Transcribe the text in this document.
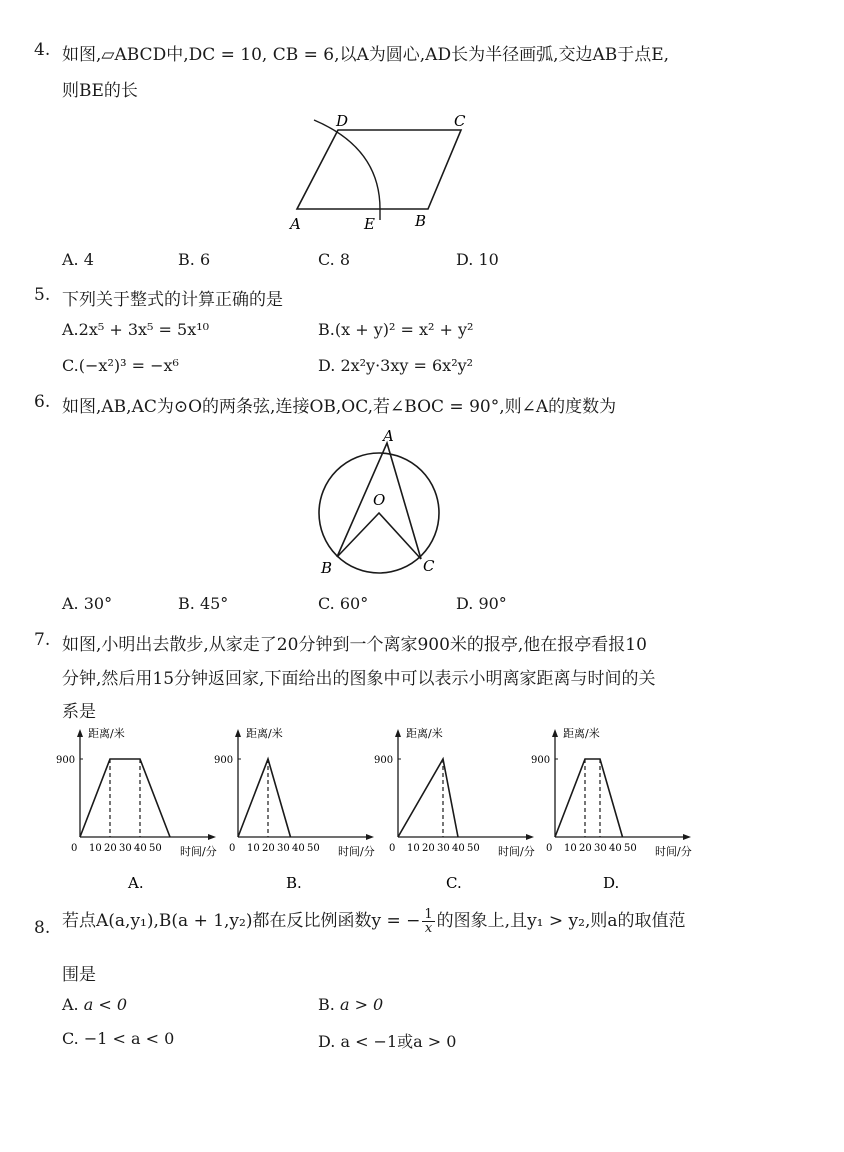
4. 如图,▱ABCD中,DC = 10, CB = 6,以A为圆心,AD长为半径画弧,交边AB于点E,
则BE的长
D	C
A	E	B
A. 4	B. 6	C. 8	D. 10
5. 下列关于整式的计算正确的是
A.2x⁵ + 3x⁵ = 5x¹⁰	B.(x + y)² = x² + y²
C.(−x²)³ = −x⁶	D. 2x²y·3xy = 6x²y²
6. 如图,AB,AC为⊙O的两条弦,连接OB,OC,若∠BOC = 90°,则∠A的度数为
A
O
B	C
A. 30°	B. 45°	C. 60°	D. 90°
7. 如图,小明出去散步,从家走了20分钟到一个离家900米的报亭,他在报亭看报10
分钟,然后用15分钟返回家,下面给出的图象中可以表示小明离家距离与时间的关
系是
距离/米
900
0 10 20 30 40 50 时间/分
A.
距离/米
900
0 10 20 30 40 50 时间/分
B.
距离/米
900
0 10 20 30 40 50 时间/分
C.
距离/米
900
0 10 20 30 40 50 时间/分
D.
8. 若点A(a,y₁),B(a + 1,y₂)都在反比例函数y = − $\frac{1}{x}$ 的图象上,且y₁ > y₂,则a的取值范
围是
A. a < 0	B. a > 0
C. −1 < a < 0	D. a < −1或a > 0
